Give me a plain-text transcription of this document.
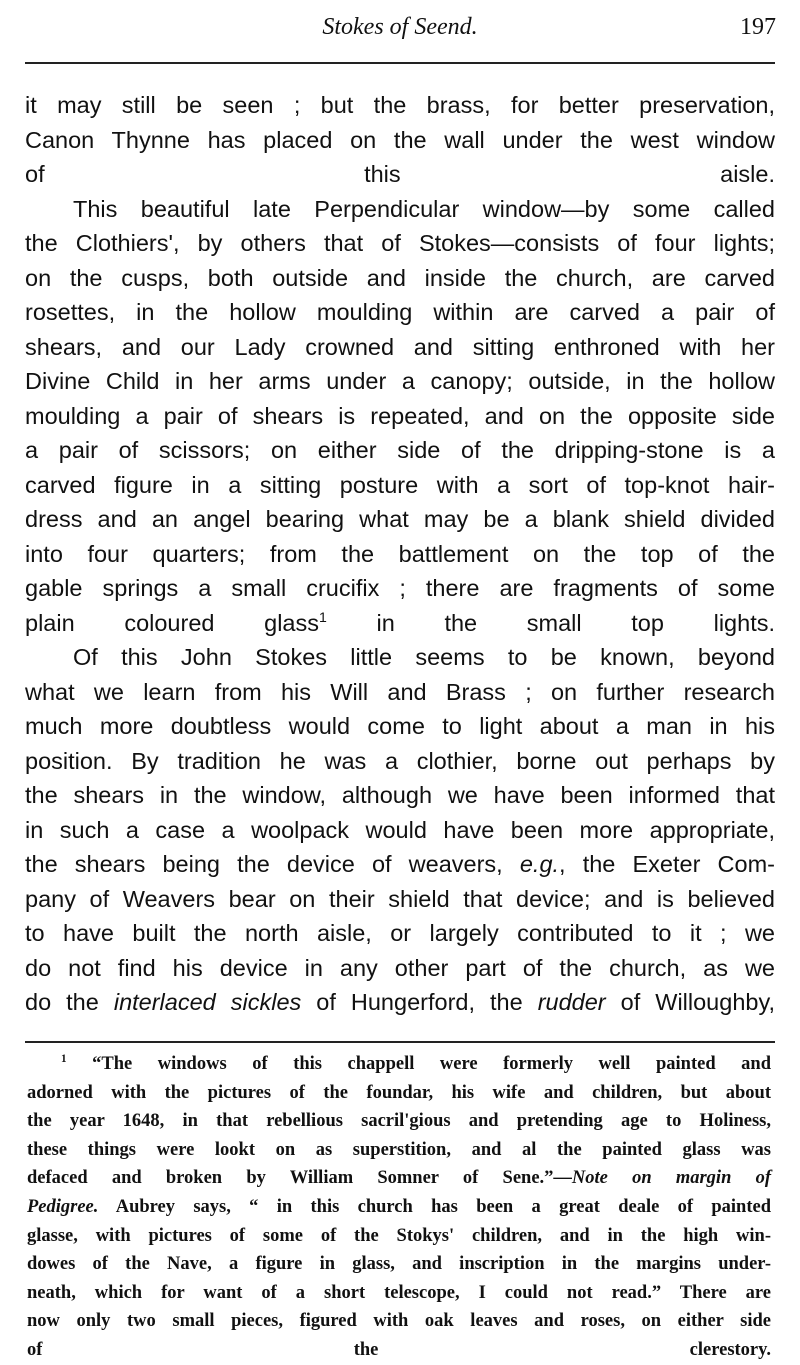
Stokes of Seend.	197
it may still be seen ; but the brass, for better preservation,
Canon Thynne has placed on the wall under the west window
of this aisle.
This beautiful late Perpendicular window—by some called
the Clothiers', by others that of Stokes—consists of four lights;
on the cusps, both outside and inside the church, are carved
rosettes, in the hollow moulding within are carved a pair of
shears, and our Lady crowned and sitting enthroned with her
Divine Child in her arms under a canopy; outside, in the hollow
moulding a pair of shears is repeated, and on the opposite side
a pair of scissors; on either side of the dripping-stone is a
carved figure in a sitting posture with a sort of top-knot hair-
dress and an angel bearing what may be a blank shield divided
into four quarters; from the battlement on the top of the
gable springs a small crucifix ; there are fragments of some
plain coloured glass$^1$ in the small top lights.
Of this John Stokes little seems to be known, beyond
what we learn from his Will and Brass ; on further research
much more doubtless would come to light about a man in his
position. By tradition he was a clothier, borne out perhaps by
the shears in the window, although we have been informed that
in such a case a woolpack would have been more appropriate,
the shears being the device of weavers, e.g., the Exeter Com-
pany of Weavers bear on their shield that device; and is believed
to have built the north aisle, or largely contributed to it ; we
do not find his device in any other part of the church, as we
do the interlaced sickles of Hungerford, the rudder of Willoughby,
$^1$ “The windows of this chappell were formerly well painted and
adorned with the pictures of the foundar, his wife and children, but about
the year 1648, in that rebellious sacril'gious and pretending age to Holiness,
these things were lookt on as superstition, and al the painted glass was
defaced and broken by William Somner of Sene.”—Note on margin of
Pedigree. Aubrey says, “ in this church has been a great deale of painted
glasse, with pictures of some of the Stokys' children, and in the high win-
dowes of the Nave, a figure in glass, and inscription in the margins under-
neath, which for want of a short telescope, I could not read.” There are
now only two small pieces, figured with oak leaves and roses, on either side
of the clerestory.
